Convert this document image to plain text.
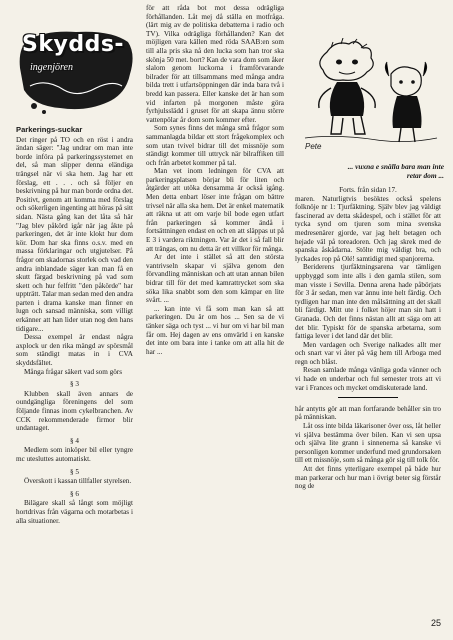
Skydds-
ingenjören
Parkerings-suckar

Det ringer på TO och en röst i andra ändan säger: "Jag undrar om man inte borde införa på parkeringssystemet en del, så man slipper denna eländiga trängsel när vi ska hem. Jag har ett förslag, ett . . . och så följer en beskrivning på hur man borde ordna det. Positivt, genom att komma med förslag och sökerligen ingenting att höras på sitt sidan. Nästa gång kan det låta så här "Jag blev påkörd igår när jag åkte på parkeringen, det är inte klokt hur dom kör. Dom har ska finns o.s.v. med en massa förklaringar och utgjutelser. På frågor om skadornas storlek och vad den andra inblandade säger kan man få en skutt färgad beskrivning på vad som skett och hur felfritt "den påkörde" har uppträtt. Talar man sedan med den andra parten i drama kanske man finner en lugn och sansad människa, som villigt erkänner att han lider utan nog den hans tidigare...

Dessa exempel är endast några axplock ur den rika mängd av spörsmål som ständigt matas in i CVA skyddsfältet.

Många frågar säkert vad som görs

§ 3

Klubben skall även annars de oundgängliga föreningens del som följande finnas inom cykelbranchen. Av CCK rekommenderade firmor blir undantaget.

§ 4

Medlem som inköper bil eller tyngre mc utesluttes automatiskt.

§ 5

Överskott i kassan tillfaller styrelsen.

§ 6

Bilägare skall så långt som möjligt hortdrivas från vägarna och motarbetas i alla situationer.

för att råda bot mot dessa odrägliga förhållanden. Låt mej då ställa en motfråga. (lärt mig av de politiska debatterna i radio och TV). Vilka odrägliga förhållanden? Kan det möjligen vara källen med röda SAAB:en som till alla pris ska nå den lucka som han tror ska skönja 50 met. bort? Kan de vara dom som åker slalom genom luckorna i framförvarande bilrader för att tillsammans med många andra bilda trett i utfartsöppningen där inda bara två i bredd kan passera. Eller kanske det är han som vid infarten på morgonen måste göra fyrhjulsslädd i gruset för att skapa ännu större vattenpölar år dom som kommer efter.

Som synes finns det många små frågor som sammanlagda bildar ett stort frågekomplex och som utan tvivel bidrar till det missnöje som ständigt kommer till uttryck när bilraffiken till och från arbetet kommer på tal.

Man vet inom ledningen för CVA att parkeringsplatsen börjar bli för liten och åtgärder att utöka densamma är också igång. Men detta enbart löser inte frågan om bättre trivsel när alla ska hem. Det är enkel matematik att räkna ut att om varje bil bode egen utfart från parkeringen så kommer ändå i fortsättningen endast en och en att släppas ut på E 3 i vardera riktningen. Var är det i så fall blir att trängas, om nu detta är ett villkor för många.

Ar det inte i stället så att den största vantrivseln skapar vi själva genom den förvandling människan och att utan annan bilen bidrar till för det med kamrattrycket som ska söka lika snabbt som den som kämpar en lite svårt. ...

... kan inte vi få som man kan så att parkeringen. Du är om hos ... Sen sa de vi tänker säga och tyst ... vi hur om vi har bil man får om. Hej dagen av ens omvärld i en kanske det inte om bara inte i tanke om att alla hit de har ...

Pete
... vuxna e snälla bara man inte
retar dom ...

Forts. från sidan 17.

maren. Naturligtvis besöktes också spelens folknöje nr 1: Tjurfäktning. Själv blev jag väldigt fascinerad av detta skådespel, och i stället för att tycka synd om tjuren som mina svenska medresenärer gjorde, var jag helt betagen och hejade väl på toreadoren. Och jag skrek med de spanska åskådarna. Stölte mig väldigt bra, och lyckades rop på Olé! samtidigt med spanjorerna.

Beriderens tjurfäktningsarena var tämligen uppbyggd som inte alls i den gamla stilen, som man visste i Sevilla. Denna arena hade påbörjats för 3 år sedan, men var ännu inte helt färdig. Och tydligen har man inte den målsättning att det skall bli färdigt. Mitt ute i folket höjer man sin hatt i Granada. Och det finns nästan allt att säga om att det blir. Typiskt för de spanska arbetarna, som fattiga lever i det land där det blir.

Men vardagen och Sverige nalkades allt mer och snart var vi åter på väg hem till Arboga med regn och blåst.

Resan samlade många vänliga goda vänner och vi hade en underbar och ful semester trots att vi var i Frances och mycket omdiskuterade land.

hår antytts gör att man fortfarande behåller sin tro på människan.

Låt oss inte bilda läkarisoner över oss, låt heller vi själva bestämma över bilen. Kan vi sen upsa och själva lite grann i sinnenerna så kanske vi personligen kommer underfund med grundorsaken till ett missnöje, som så många gör sig till tolk för.

Att det finns ytterligare exempel på både hur man parkerar och hur man i övrigt beter sig förstår nog de

25
